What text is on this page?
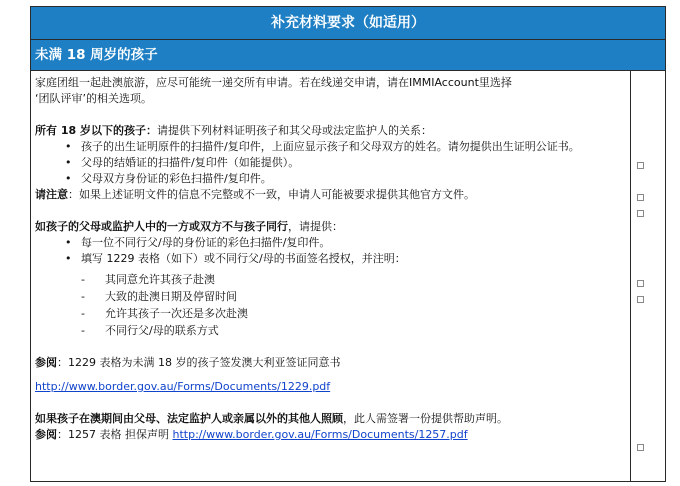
补充材料要求（如适用）
未满 18 周岁的孩子

家庭团组一起赴澳旅游，应尽可能统一递交所有申请。若在线递交申请，请在IMMIAccount里选择
‘团队评审’的相关选项。

所有 18 岁以下的孩子：请提供下列材料证明孩子和其父母或法定监护人的关系：

• 孩子的出生证明原件的扫描件/复印件，上面应显示孩子和父母双方的姓名。请勿提供出生证明公证书。
• 父母的结婚证的扫描件/复印件（如能提供）。
• 父母双方身份证的彩色扫描件/复印件。

请注意：如果上述证明文件的信息不完整或不一致，申请人可能被要求提供其他官方文件。

如孩子的父母或监护人中的一方或双方不与孩子同行，请提供：

• 每一位不同行父/母的身份证的彩色扫描件/复印件。
• 填写 1229 表格（如下）或不同行父/母的书面签名授权，并注明：
- 其同意允许其孩子赴澳
- 大致的赴澳日期及停留时间
- 允许其孩子一次还是多次赴澳
- 不同行父/母的联系方式

参阅：1229 表格为未满 18 岁的孩子签发澳大利亚签证同意书

http://www.border.gov.au/Forms/Documents/1229.pdf

如果孩子在澳期间由父母、法定监护人或亲属以外的其他人照顾，此人需签署一份提供帮助声明。

参阅：1257 表格 担保声明 http://www.border.gov.au/Forms/Documents/1257.pdf
